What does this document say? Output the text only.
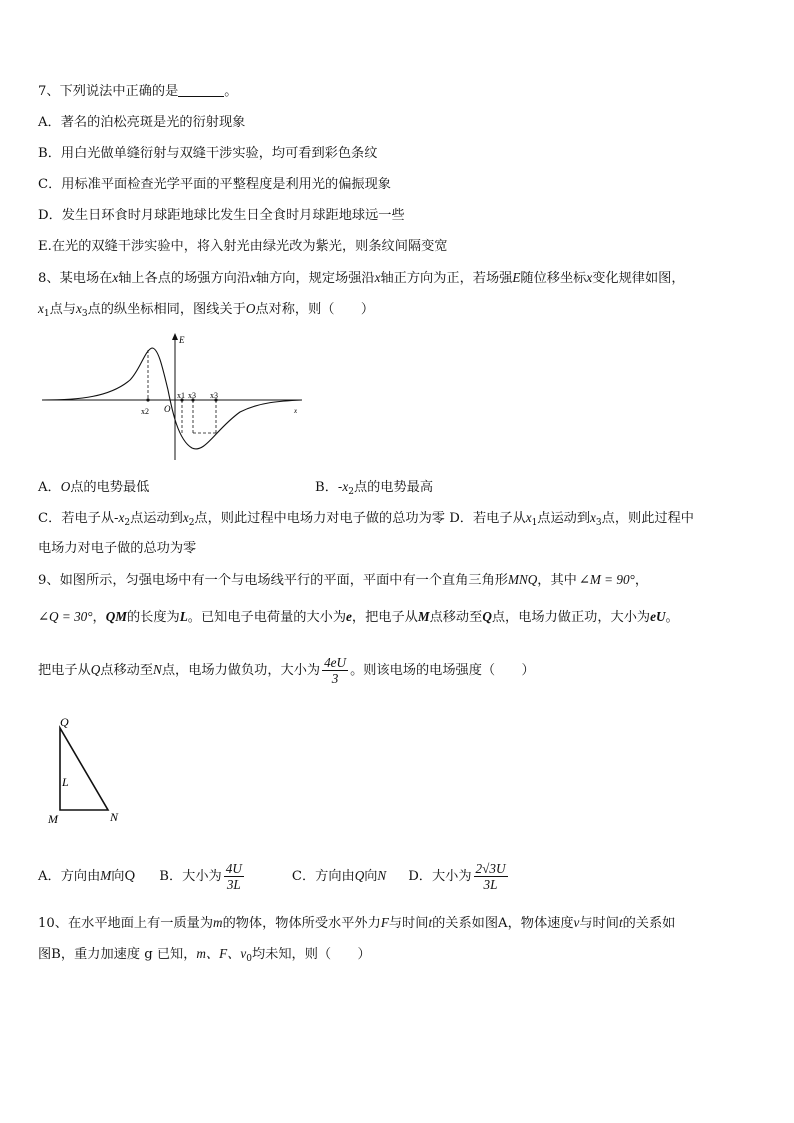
7、下列说法中正确的是	。
A．著名的泊松亮斑是光的衍射现象
B．用白光做单缝衍射与双缝干涉实验，均可看到彩色条纹
C．用标准平面检查光学平面的平整程度是利用光的偏振现象
D．发生日环食时月球距地球比发生日全食时月球距地球远一些
E.在光的双缝干涉实验中，将入射光由绿光改为紫光，则条纹间隔变宽
8、某电场在x轴上各点的场强方向沿x轴方向，规定场强沿x轴正方向为正，若场强E随位移坐标x变化规律如图，
$x_1$点与$x_3$点的纵坐标相同，图线关于O点对称，则（　　）
E
O
x2
x1 x3 x3
x
A．O点的电势最低	B．$-x_2$点的电势最高
C．若电子从$-x_2$点运动到$x_2$点，则此过程中电场力对电子做的总功为零 D．若电子从$x_1$点运动到$x_3$点，则此过程中
电场力对电子做的总功为零
9、如图所示，匀强电场中有一个与电场线平行的平面，平面中有一个直角三角形MNQ，其中 ∠M = 90°，
∠Q = 30°，QM的长度为L。已知电子电荷量的大小为e，把电子从M点移动至Q点，电场力做正功，大小为eU。
把电子从Q点移动至N点，电场力做负功，大小为 $\frac{4eU}{3}$ 。则该电场的电场强度（　　）
Q
L
M	N
A．方向由M向Q B．大小为 $\frac{4U}{3L}$	C．方向由Q向N D．大小为 $\frac{2√3U}{3L}$
10、在水平地面上有一质量为m的物体，物体所受水平外力F与时间t的关系如图A，物体速度v与时间t的关系如
图B，重力加速度 g 已知，m、F、$v_0$均未知，则（　　）
